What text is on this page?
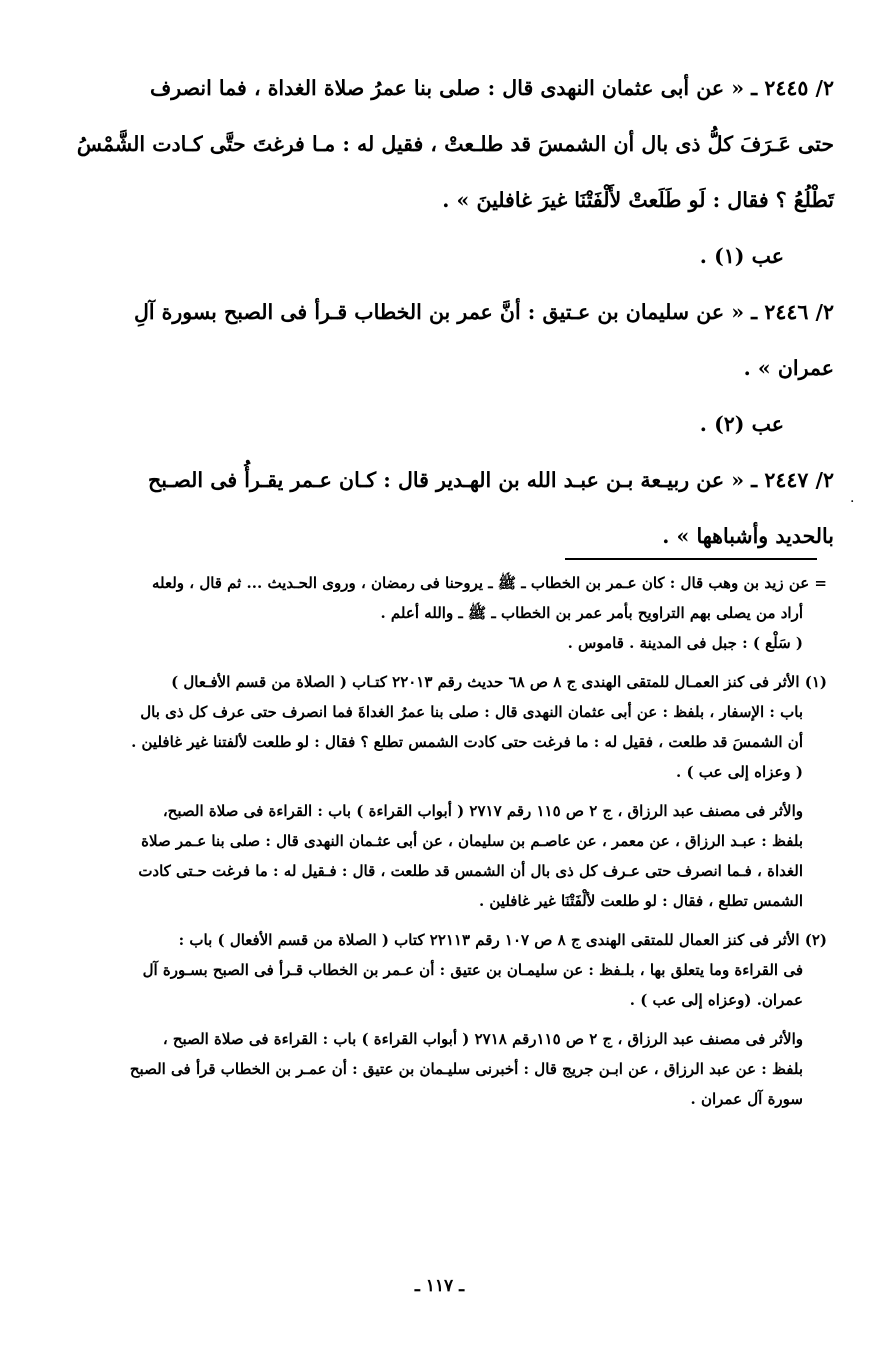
٢/ ٢٤٤٥ ـ « عن أبى عثمان النهدى قال : صلى بنا عمرُ صلاة الغداة ، فما انصرف

حتى عَـرَفَ كلُّ ذى بال أن الشمسَ قد طلـعتْ ، فقيل له : مـا فرغتَ حتَّى كـادت الشَّمْسُ

تَطْلُعُ ؟ فقال : لَو طَلَعتْ لأَلْفَتْنَا غيرَ غافلينَ » .

عب (١) .

٢/ ٢٤٤٦ ـ « عن سليمان بن عـتيق : أنَّ عمر بن الخطاب قـرأ فى الصبح بسورة آلِ

عمران » .

عب (٢) .

٢/ ٢٤٤٧ ـ « عن ربيـعة بـن عبـد الله بن الهـدير قال : كـان عـمر يقـرأُ فى الصـبح

بالحديد وأشباهها » .

= عن زيد بن وهب قال : كان عـمر بن الخطاب ـ ﷺ ـ يروحنا فى رمضان ، وروى الحـديث ... ثم قال ، ولعله

أراد من يصلى بهم التراويح بأمر عمر بن الخطاب ـ ﷺ ـ والله أعلم .

( سَلْع ) : جبل فى المدينة . قاموس .

(١) الأثر فى كنز العمـال للمتقى الهندى ج ٨ ص ٦٨ حديث رقم ٢٢٠١٣ كتـاب ( الصلاة من قسم الأفـعال )

باب : الإسفار ، بلفظ : عن أبى عثمان النهدى قال : صلى بنا عمرُ الغداةَ فما انصرف حتى عرف كل ذى بال

أن الشمسَ قد طلعت ، فقيل له : ما فرغت حتى كادت الشمس تطلع ؟ فقال : لو طلعت لألفتنا غير غافلين .

( وعزاه إلى عب ) .

والأثر فى مصنف عبد الرزاق ، ج ٢ ص ١١٥ رقم ٢٧١٧ ( أبواب القراءة ) باب : القراءة فى صلاة الصبح،

بلفظ : عبـد الرزاق ، عن معمر ، عن عاصـم بن سليمان ، عن أبى عثـمان النهدى قال : صلى بنا عـمر صلاة

الغداة ، فـما انصرف حتى عـرف كل ذى بال أن الشمس قد طلعت ، قال : فـقيل له : ما فرغت حـتى كادت

الشمس تطلع ، فقال : لو طلعت لألْفَتْنَا غير غافلين .

(٢) الأثر فى كنز العمال للمتقى الهندى ج ٨ ص ١٠٧ رقم ٢٢١١٣ كتاب ( الصلاة من قسم الأفعال ) باب :

فى القراءة وما يتعلق بها ، بلـفظ : عن سليمـان بن عتيق : أن عـمر بن الخطاب قـرأ فى الصبح بسـورة آل

عمران. (وعزاه إلى عب ) .

والأثر فى مصنف عبد الرزاق ، ج ٢ ص ١١٥رقم ٢٧١٨ ( أبواب القراءة ) باب : القراءة فى صلاة الصبح ،

بلفظ : عن عبد الرزاق ، عن ابـن جريج قال : أخبرنى سليـمان بن عتيق : أن عمـر بن الخطاب قرأ فى الصبح

سورة آل عمران .

ـ ١١٧ ـ
·
